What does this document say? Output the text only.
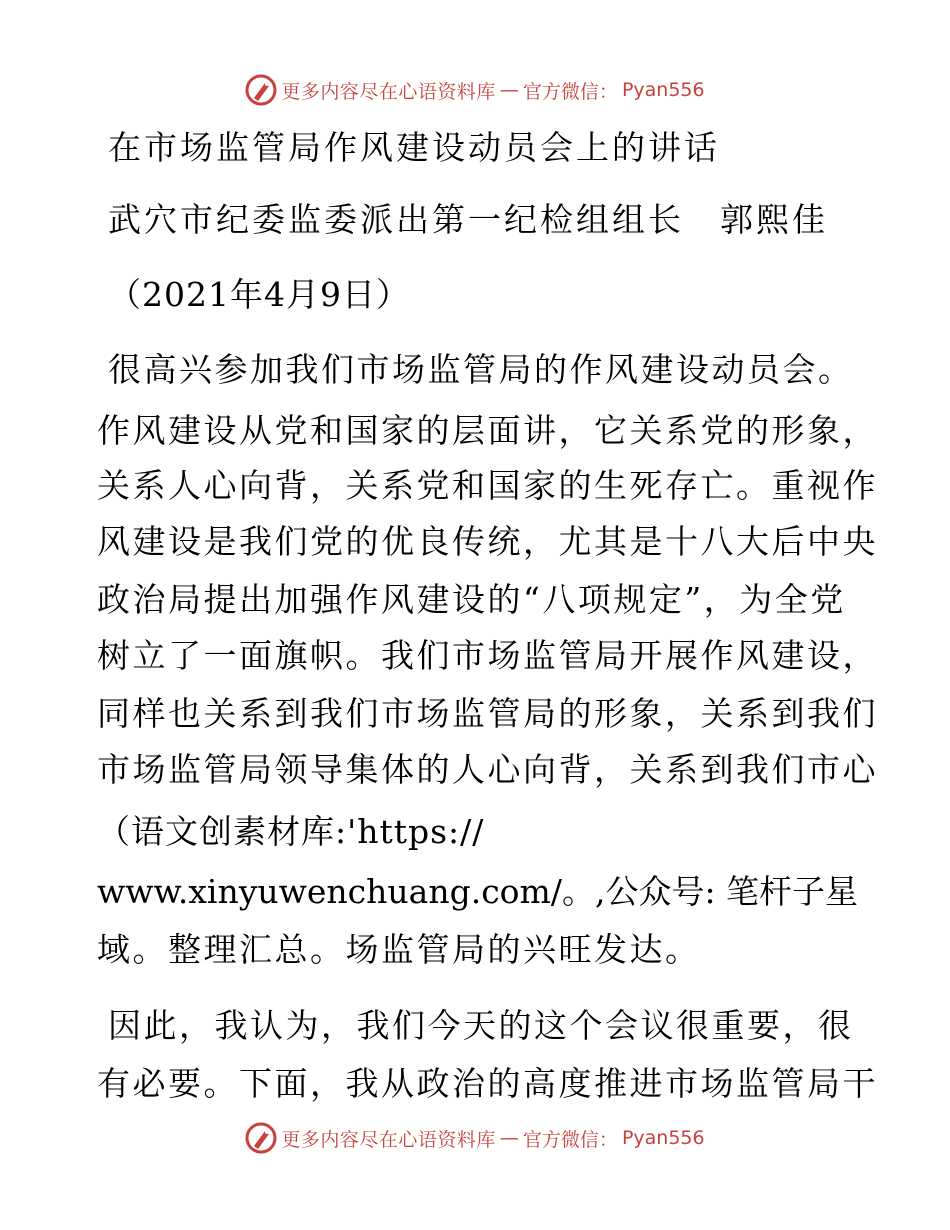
更多内容尽在心语资料库 — 官方微信： Pyan556
在市场监管局作风建设动员会上的讲话
武穴市纪委监委派出第一纪检组组长　郭熙佳
（2021年4月9日）
很高兴参加我们市场监管局的作风建设动员会。
作风建设从党和国家的层面讲，它关系党的形象，
关系人心向背，关系党和国家的生死存亡。重视作
风建设是我们党的优良传统，尤其是十八大后中央
政治局提出加强作风建设的“八项规定”，为全党
树立了一面旗帜。我们市场监管局开展作风建设，
同样也关系到我们市场监管局的形象，关系到我们
市场监管局领导集体的人心向背，关系到我们市心
（语文创素材库:'https://
www.xinyuwenchuang.com/。,公众号: 笔杆子星
域。整理汇总。场监管局的兴旺发达。
因此，我认为，我们今天的这个会议很重要，很
有必要。下面，我从政治的高度推进市场监管局干
更多内容尽在心语资料库 — 官方微信： Pyan556
